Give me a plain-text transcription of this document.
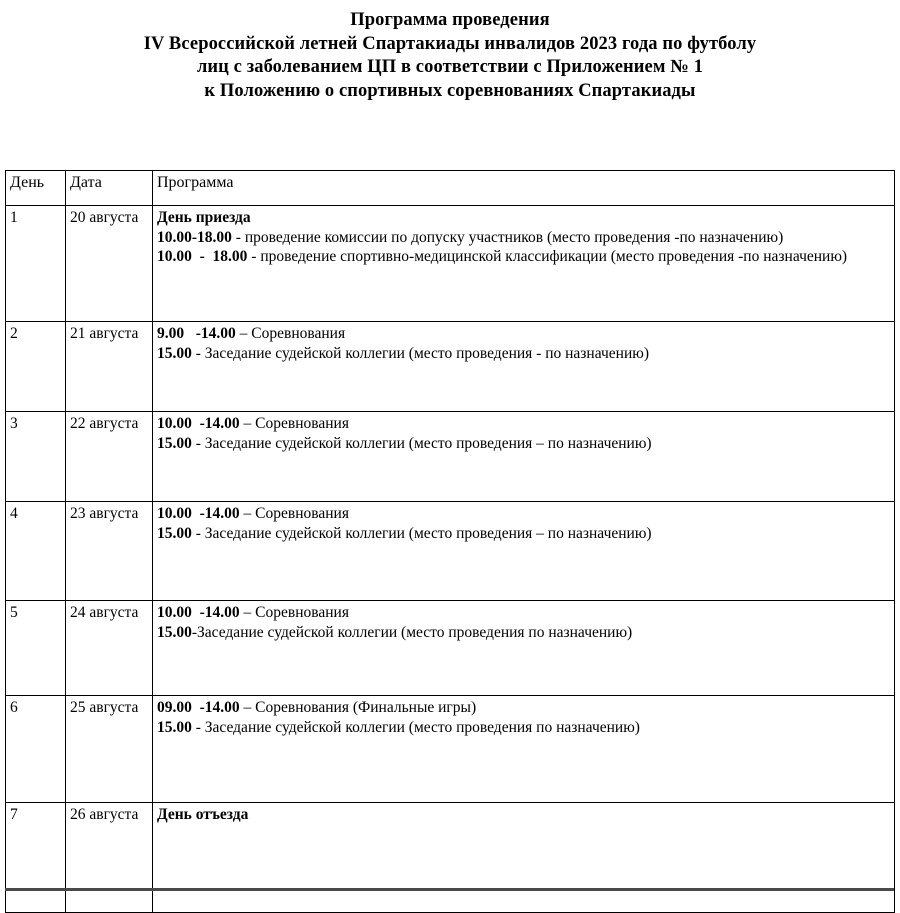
Программа проведения
IV Всероссийской летней Спартакиады инвалидов 2023 года по футболу
лиц с заболеванием ЦП в соответствии с Приложением № 1
к Положению о спортивных соревнованиях Спартакиады
День	Дата	Программа
1	20 августа	День приезда
10.00-18.00 - проведение комиссии по допуску участников (место проведения -по назначению)
10.00  -  18.00 - проведение спортивно-медицинской классификации (место проведения -по назначению)

2	21 августа	9.00   -14.00 – Соревнования
15.00 - Заседание судейской коллегии (место проведения - по назначению)

3	22 августа	10.00  -14.00 – Соревнования
15.00 - Заседание судейской коллегии (место проведения – по назначению)

4	23 августа	10.00  -14.00 – Соревнования
15.00 - Заседание судейской коллегии (место проведения – по назначению)

5	24 августа	10.00  -14.00 – Соревнования
15.00-Заседание судейской коллегии (место проведения по назначению)

6	25 августа	09.00  -14.00 – Соревнования (Финальные игры)
15.00 - Заседание судейской коллегии (место проведения по назначению)

7	26 августа	День отъезда
